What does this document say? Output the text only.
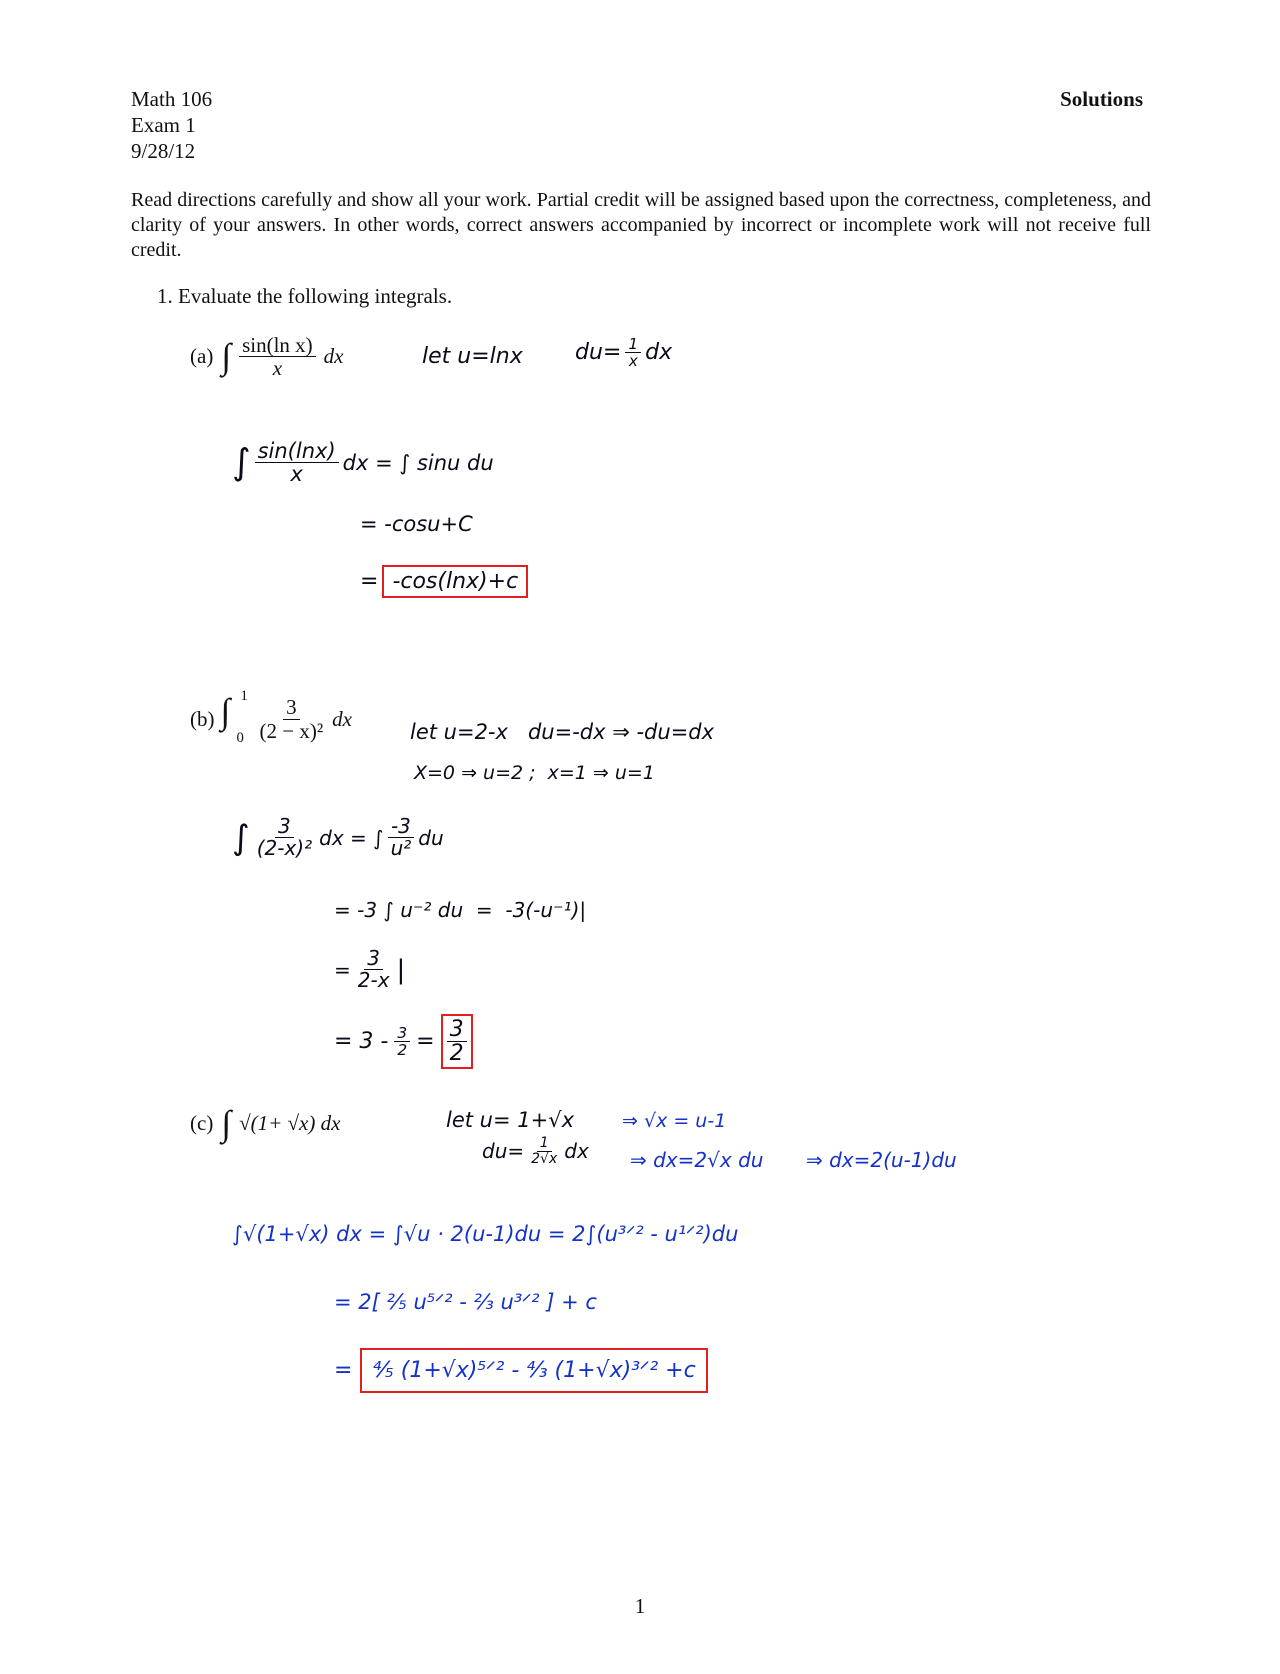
Math 106
Exam 1
9/28/12
Solutions
Read directions carefully and show all your work. Partial credit will be assigned based upon the correctness, completeness, and clarity of your answers. In other words, correct answers accompanied by incorrect or incomplete work will not receive full credit.
1. Evaluate the following integrals.
(a) ∫ $\frac{\text{sin(ln x)}}{x}$ dx	let u=lnx $du= \frac{1}{x}$ dx
∫ $\frac{\sin(\ln x)}{x}$ dx = ∫ sinu du
= -cosu+C
= -cos(lnx)+c
(b) ∫ 1
$0 \frac{3}{\text{(2 − x)²}}$ dx
let u=2-x   du=-dx ⇒ -du=dx
X=0 ⇒ u=2 ;  x=1 ⇒ u=1
∫ $\frac{3}{\text{(2-x)²}}$ dx = ∫ $\frac{-3}{\text{u²}}$ du
= -3 ∫ u⁻² du  =  -3(-u⁻¹)|
= $\frac{3}{2-x}$ |
= $3 - \frac{3}{2} = \frac{3}{2}$
(c) ∫ √(1+ √x) dx	let u= 1+√x	⇒ √x = u-1
$du= \frac{1}{2√x}$ dx ⇒ dx=2√x du ⇒ dx=2(u-1)du
∫√(1+√x) dx = ∫√u · 2(u-1)du = 2∫(u³ᐟ² - u¹ᐟ²)du
= 2[ ²⁄₅ u⁵ᐟ² - ²⁄₃ u³ᐟ² ] + c
= ⁴⁄₅ (1+√x)⁵ᐟ² - ⁴⁄₃ (1+√x)³ᐟ² +c
1
